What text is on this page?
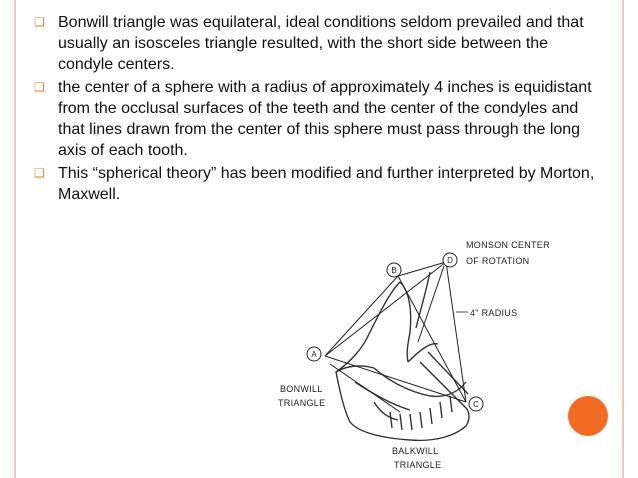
❑ Bonwill triangle was equilateral, ideal conditions seldom prevailed and that usually an isosceles triangle resulted, with the short side between the condyle centers.
❑ the center of a sphere with a radius of approximately 4 inches is equidistant from the occlusal surfaces of the teeth and the center of the condyles and that lines drawn from the center of this sphere must pass through the long axis of each tooth.
❑ This “spherical theory” has been modified and further interpreted by Morton, Maxwell.
A
B
C
D
MONSON CENTER
OF ROTATION
4" RADIUS
BONWILL
TRIANGLE
BALKWILL
TRIANGLE
